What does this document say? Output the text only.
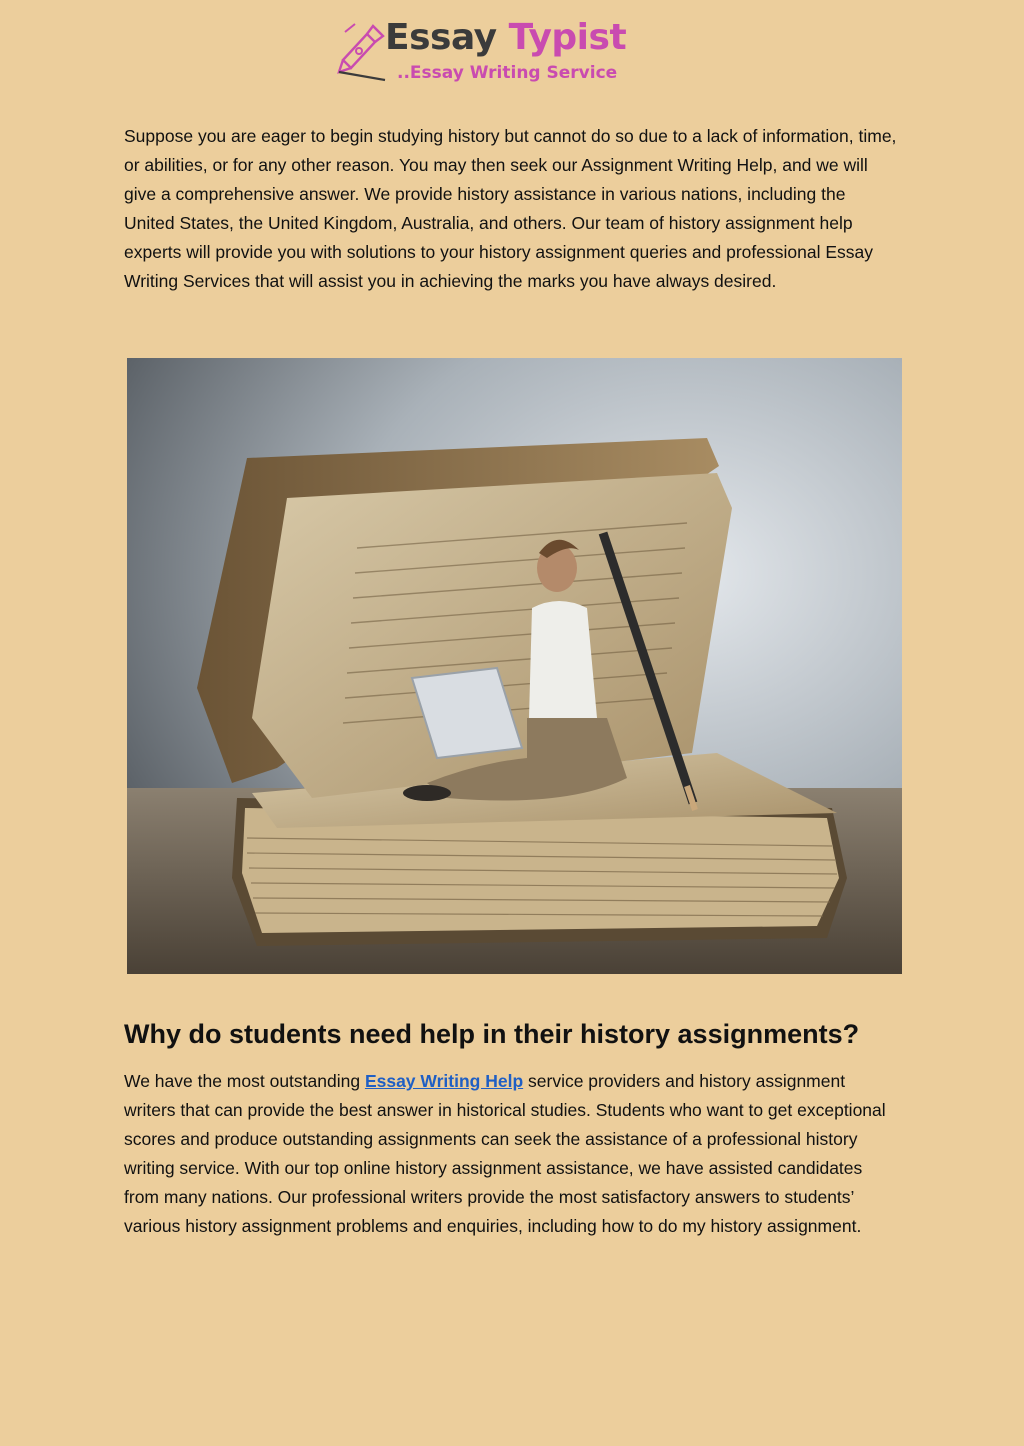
Essay Typist
..Essay Writing Service

Suppose you are eager to begin studying history but cannot do so due to a lack of information, time, or abilities, or for any other reason. You may then seek our Assignment Writing Help, and we will give a comprehensive answer. We provide history assistance in various nations, including the United States, the United Kingdom, Australia, and others. Our team of history assignment help experts will provide you with solutions to your history assignment queries and professional Essay Writing Services that will assist you in achieving the marks you have always desired.

Why do students need help in their history assignments?

We have the most outstanding Essay Writing Help service providers and history assignment writers that can provide the best answer in historical studies. Students who want to get exceptional scores and produce outstanding assignments can seek the assistance of a professional history writing service. With our top online history assignment assistance, we have assisted candidates from many nations. Our professional writers provide the most satisfactory answers to students’ various history assignment problems and enquiries, including how to do my history assignment.
